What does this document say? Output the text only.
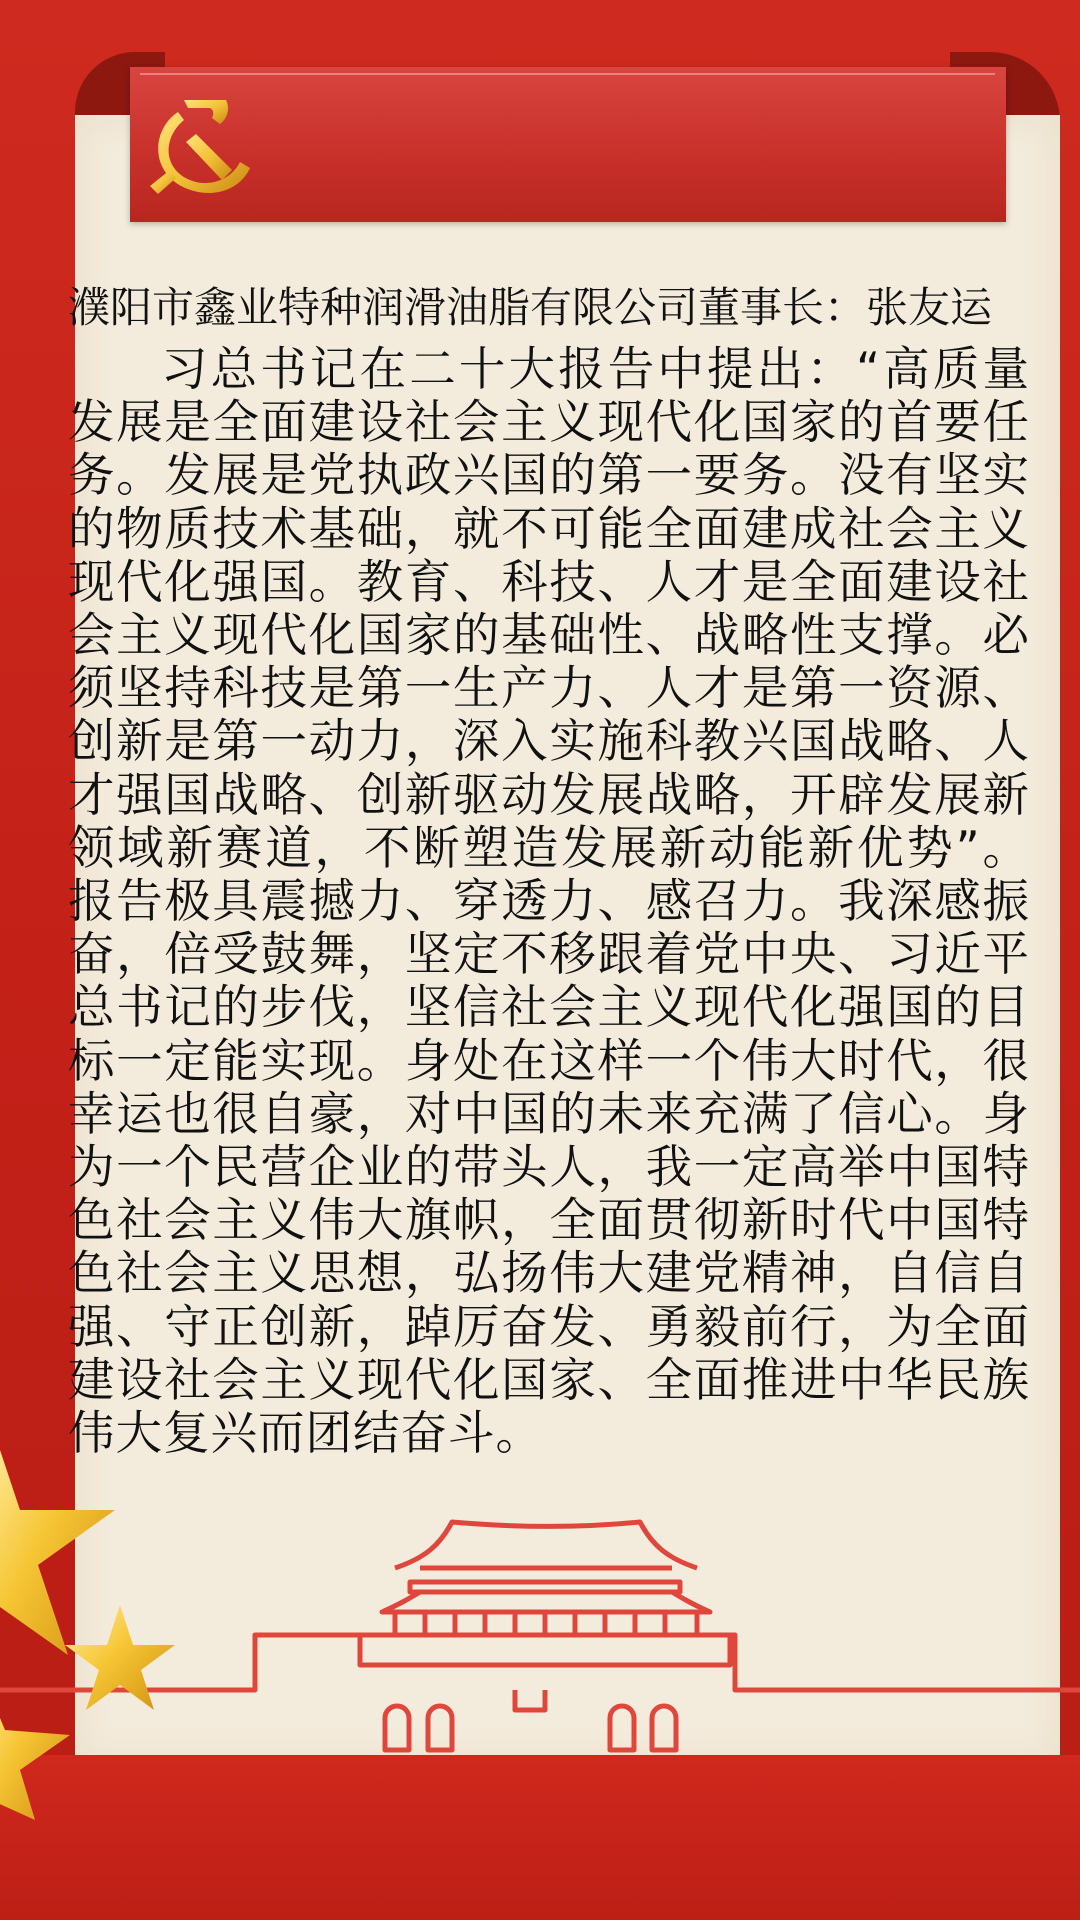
濮阳市鑫业特种润滑油脂有限公司董事长：张友运

习总书记在二十大报告中提出：“高质量发展是全面建设社会主义现代化国家的首要任务。发展是党执政兴国的第一要务。没有坚实的物质技术基础，就不可能全面建成社会主义现代化强国。教育、科技、人才是全面建设社会主义现代化国家的基础性、战略性支撑。必须坚持科技是第一生产力、人才是第一资源、创新是第一动力，深入实施科教兴国战略、人才强国战略、创新驱动发展战略，开辟发展新领域新赛道，不断塑造发展新动能新优势”。报告极具震撼力、穿透力、感召力。我深感振奋，倍受鼓舞，坚定不移跟着党中央、习近平总书记的步伐，坚信社会主义现代化强国的目标一定能实现。身处在这样一个伟大时代，很幸运也很自豪，对中国的未来充满了信心。身为一个民营企业的带头人，我一定高举中国特色社会主义伟大旗帜，全面贯彻新时代中国特色社会主义思想，弘扬伟大建党精神，自信自强、守正创新，踔厉奋发、勇毅前行，为全面建设社会主义现代化国家、全面推进中华民族伟大复兴而团结奋斗。
